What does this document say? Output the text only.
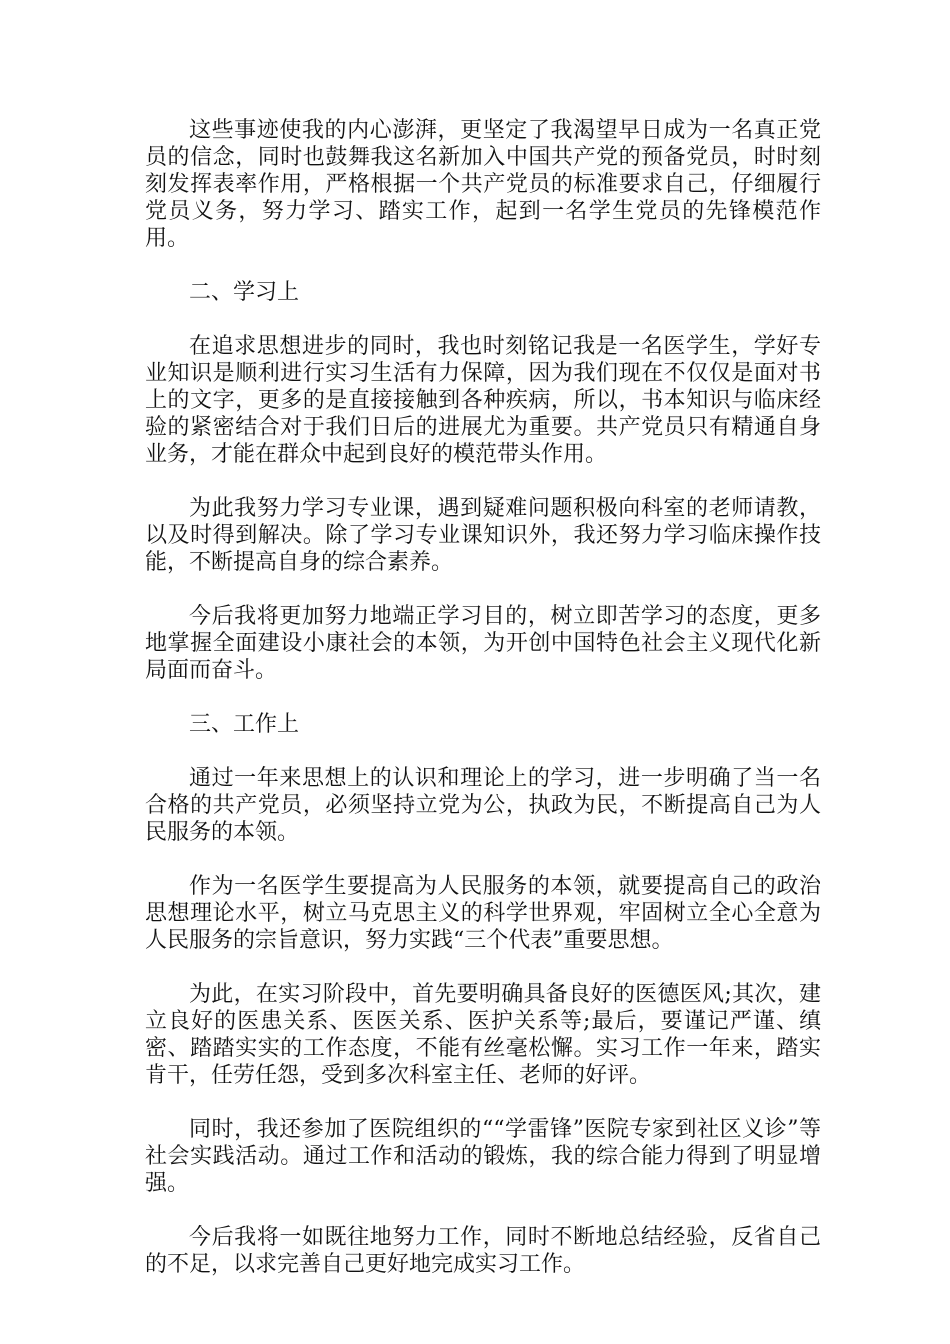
这些事迹使我的内心澎湃，更坚定了我渴望早日成为一名真正党员的信念，同时也鼓舞我这名新加入中国共产党的预备党员，时时刻刻发挥表率作用，严格根据一个共产党员的标准要求自己，仔细履行党员义务，努力学习、踏实工作，起到一名学生党员的先锋模范作用。

二、学习上

在追求思想进步的同时，我也时刻铭记我是一名医学生，学好专业知识是顺利进行实习生活有力保障，因为我们现在不仅仅是面对书上的文字，更多的是直接接触到各种疾病，所以，书本知识与临床经验的紧密结合对于我们日后的进展尤为重要。共产党员只有精通自身业务，才能在群众中起到良好的模范带头作用。

为此我努力学习专业课，遇到疑难问题积极向科室的老师请教，以及时得到解决。除了学习专业课知识外，我还努力学习临床操作技能，不断提高自身的综合素养。

今后我将更加努力地端正学习目的，树立即苦学习的态度，更多地掌握全面建设小康社会的本领，为开创中国特色社会主义现代化新局面而奋斗。

三、工作上

通过一年来思想上的认识和理论上的学习，进一步明确了当一名合格的共产党员，必须坚持立党为公，执政为民，不断提高自己为人民服务的本领。

作为一名医学生要提高为人民服务的本领，就要提高自己的政治思想理论水平，树立马克思主义的科学世界观，牢固树立全心全意为人民服务的宗旨意识，努力实践“三个代表”重要思想。

为此，在实习阶段中，首先要明确具备良好的医德医风;其次，建立良好的医患关系、医医关系、医护关系等;最后，要谨记严谨、缜密、踏踏实实的工作态度，不能有丝毫松懈。实习工作一年来，踏实肯干，任劳任怨，受到多次科室主任、老师的好评。

同时，我还参加了医院组织的““学雷锋”医院专家到社区义诊”等社会实践活动。通过工作和活动的锻炼，我的综合能力得到了明显增强。

今后我将一如既往地努力工作，同时不断地总结经验，反省自己的不足，以求完善自己更好地完成实习工作。
